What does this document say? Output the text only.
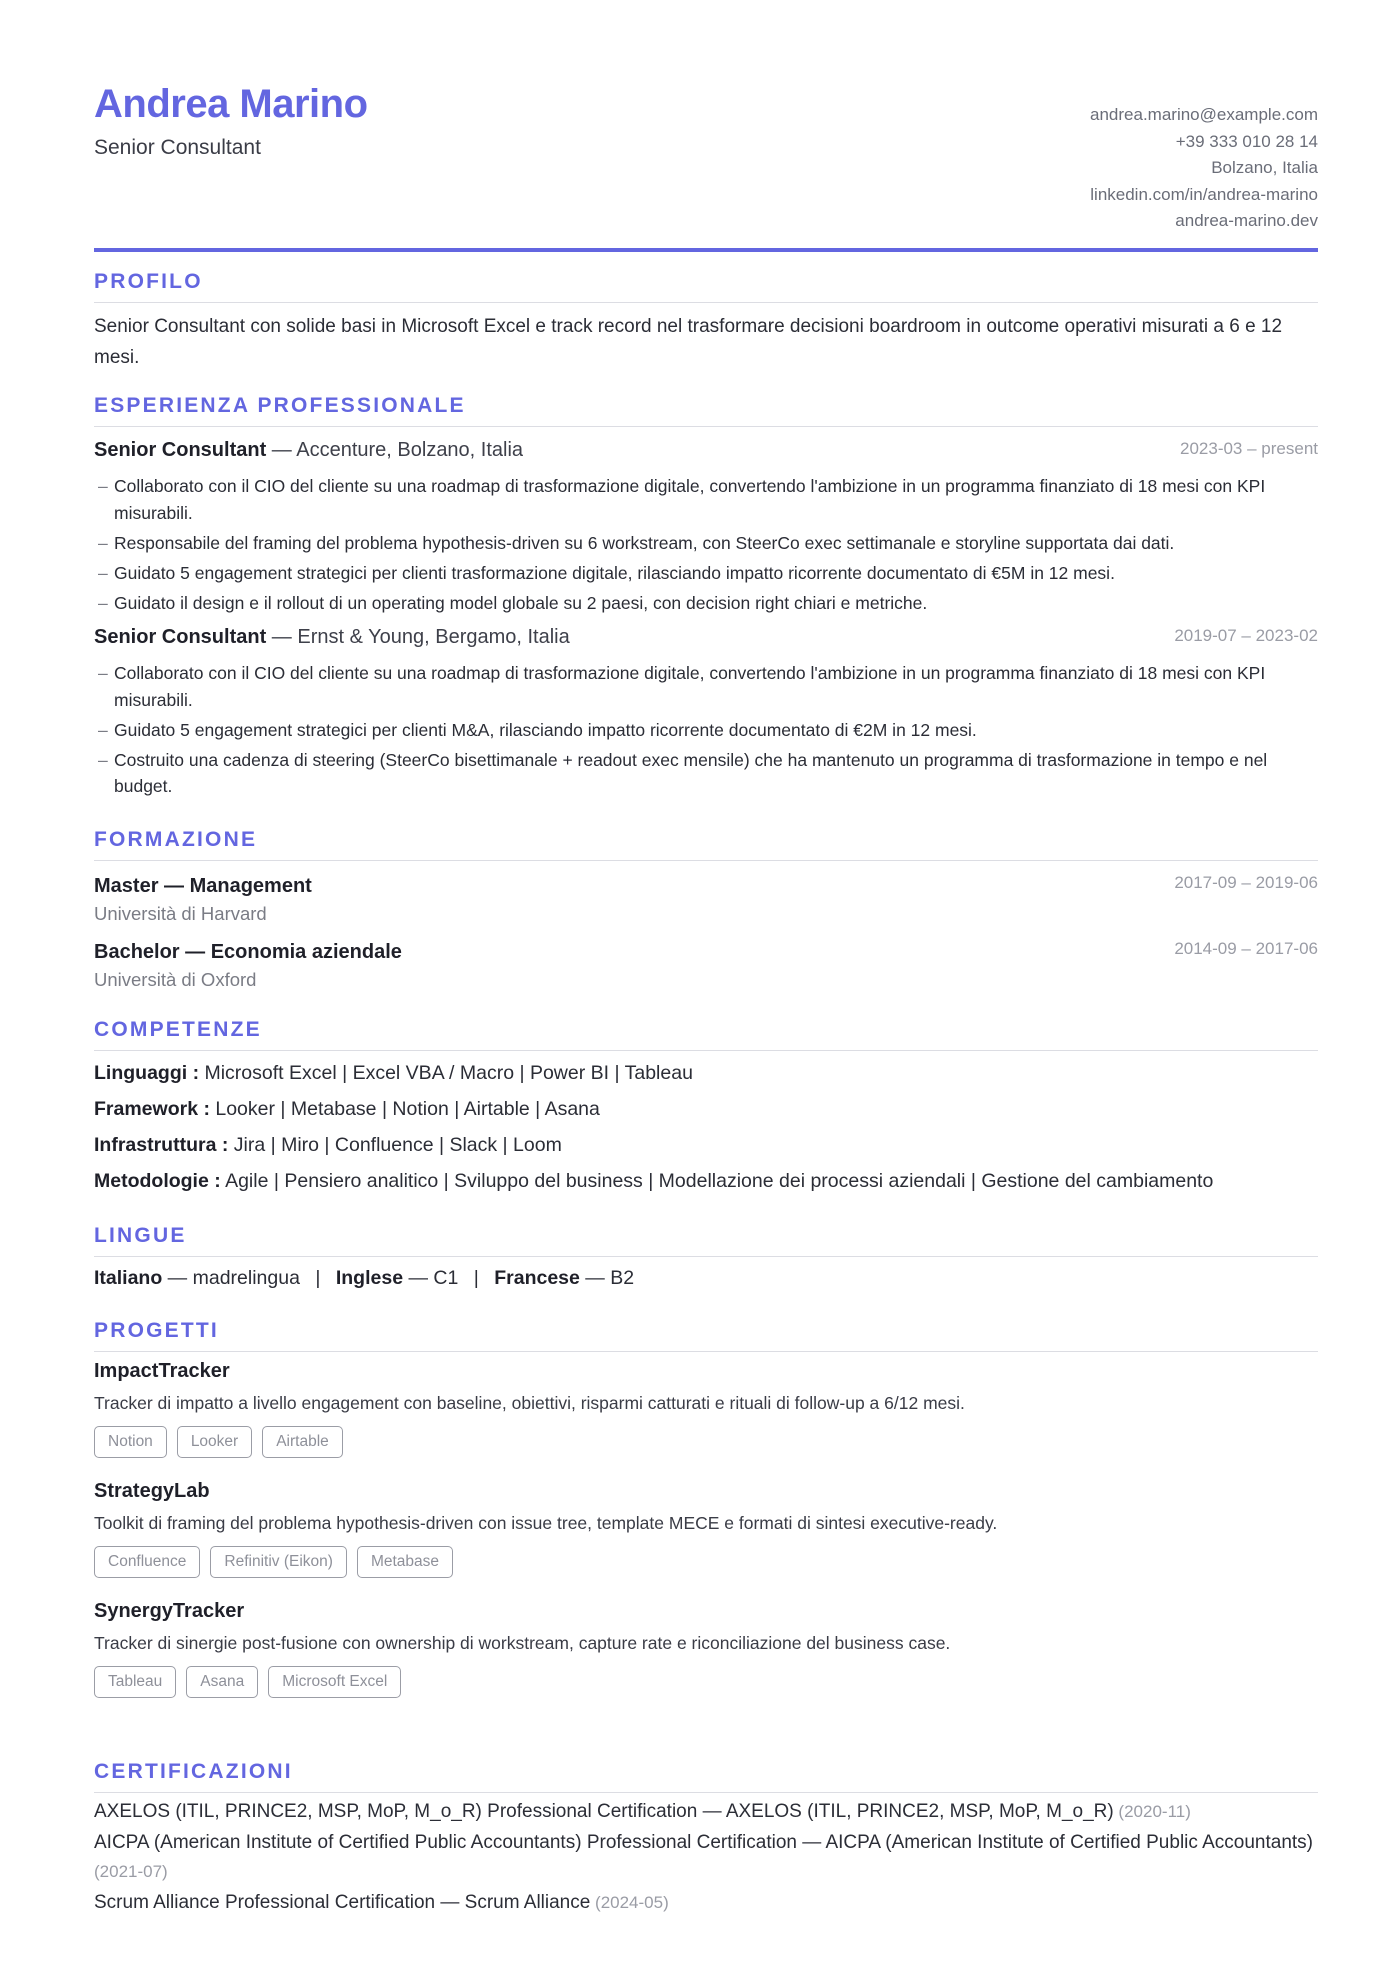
Andrea Marino
Senior Consultant
andrea.marino@example.com
+39 333 010 28 14
Bolzano, Italia
linkedin.com/in/andrea-marino
andrea-marino.dev
PROFILO
Senior Consultant con solide basi in Microsoft Excel e track record nel trasformare decisioni boardroom in outcome operativi misurati a 6 e 12 mesi.
ESPERIENZA PROFESSIONALE
Senior Consultant — Accenture, Bolzano, Italia	2023-03 – present
– Collaborato con il CIO del cliente su una roadmap di trasformazione digitale, convertendo l'ambizione in un programma finanziato di 18 mesi con KPI misurabili.
– Responsabile del framing del problema hypothesis-driven su 6 workstream, con SteerCo exec settimanale e storyline supportata dai dati.
– Guidato 5 engagement strategici per clienti trasformazione digitale, rilasciando impatto ricorrente documentato di €5M in 12 mesi.
– Guidato il design e il rollout di un operating model globale su 2 paesi, con decision right chiari e metriche.
Senior Consultant — Ernst & Young, Bergamo, Italia	2019-07 – 2023-02
– Collaborato con il CIO del cliente su una roadmap di trasformazione digitale, convertendo l'ambizione in un programma finanziato di 18 mesi con KPI misurabili.
– Guidato 5 engagement strategici per clienti M&A, rilasciando impatto ricorrente documentato di €2M in 12 mesi.
– Costruito una cadenza di steering (SteerCo bisettimanale + readout exec mensile) che ha mantenuto un programma di trasformazione in tempo e nel budget.
FORMAZIONE
Master — Management
Università di Harvard
2017-09 – 2019-06
Bachelor — Economia aziendale
Università di Oxford
2014-09 – 2017-06
COMPETENZE
Linguaggi : Microsoft Excel | Excel VBA / Macro | Power BI | Tableau
Framework : Looker | Metabase | Notion | Airtable | Asana
Infrastruttura : Jira | Miro | Confluence | Slack | Loom
Metodologie : Agile | Pensiero analitico | Sviluppo del business | Modellazione dei processi aziendali | Gestione del cambiamento
LINGUE
Italiano — madrelingua | Inglese — C1 | Francese — B2
PROGETTI
ImpactTracker
Tracker di impatto a livello engagement con baseline, obiettivi, risparmi catturati e rituali di follow-up a 6/12 mesi.
Notion	Looker	Airtable
StrategyLab
Toolkit di framing del problema hypothesis-driven con issue tree, template MECE e formati di sintesi executive-ready.
Confluence	Refinitiv (Eikon)	Metabase
SynergyTracker
Tracker di sinergie post-fusione con ownership di workstream, capture rate e riconciliazione del business case.
Tableau	Asana	Microsoft Excel
CERTIFICAZIONI
AXELOS (ITIL, PRINCE2, MSP, MoP, M_o_R) Professional Certification — AXELOS (ITIL, PRINCE2, MSP, MoP, M_o_R) (2020-11)
AICPA (American Institute of Certified Public Accountants) Professional Certification — AICPA (American Institute of Certified Public Accountants) (2021-07)
Scrum Alliance Professional Certification — Scrum Alliance (2024-05)
